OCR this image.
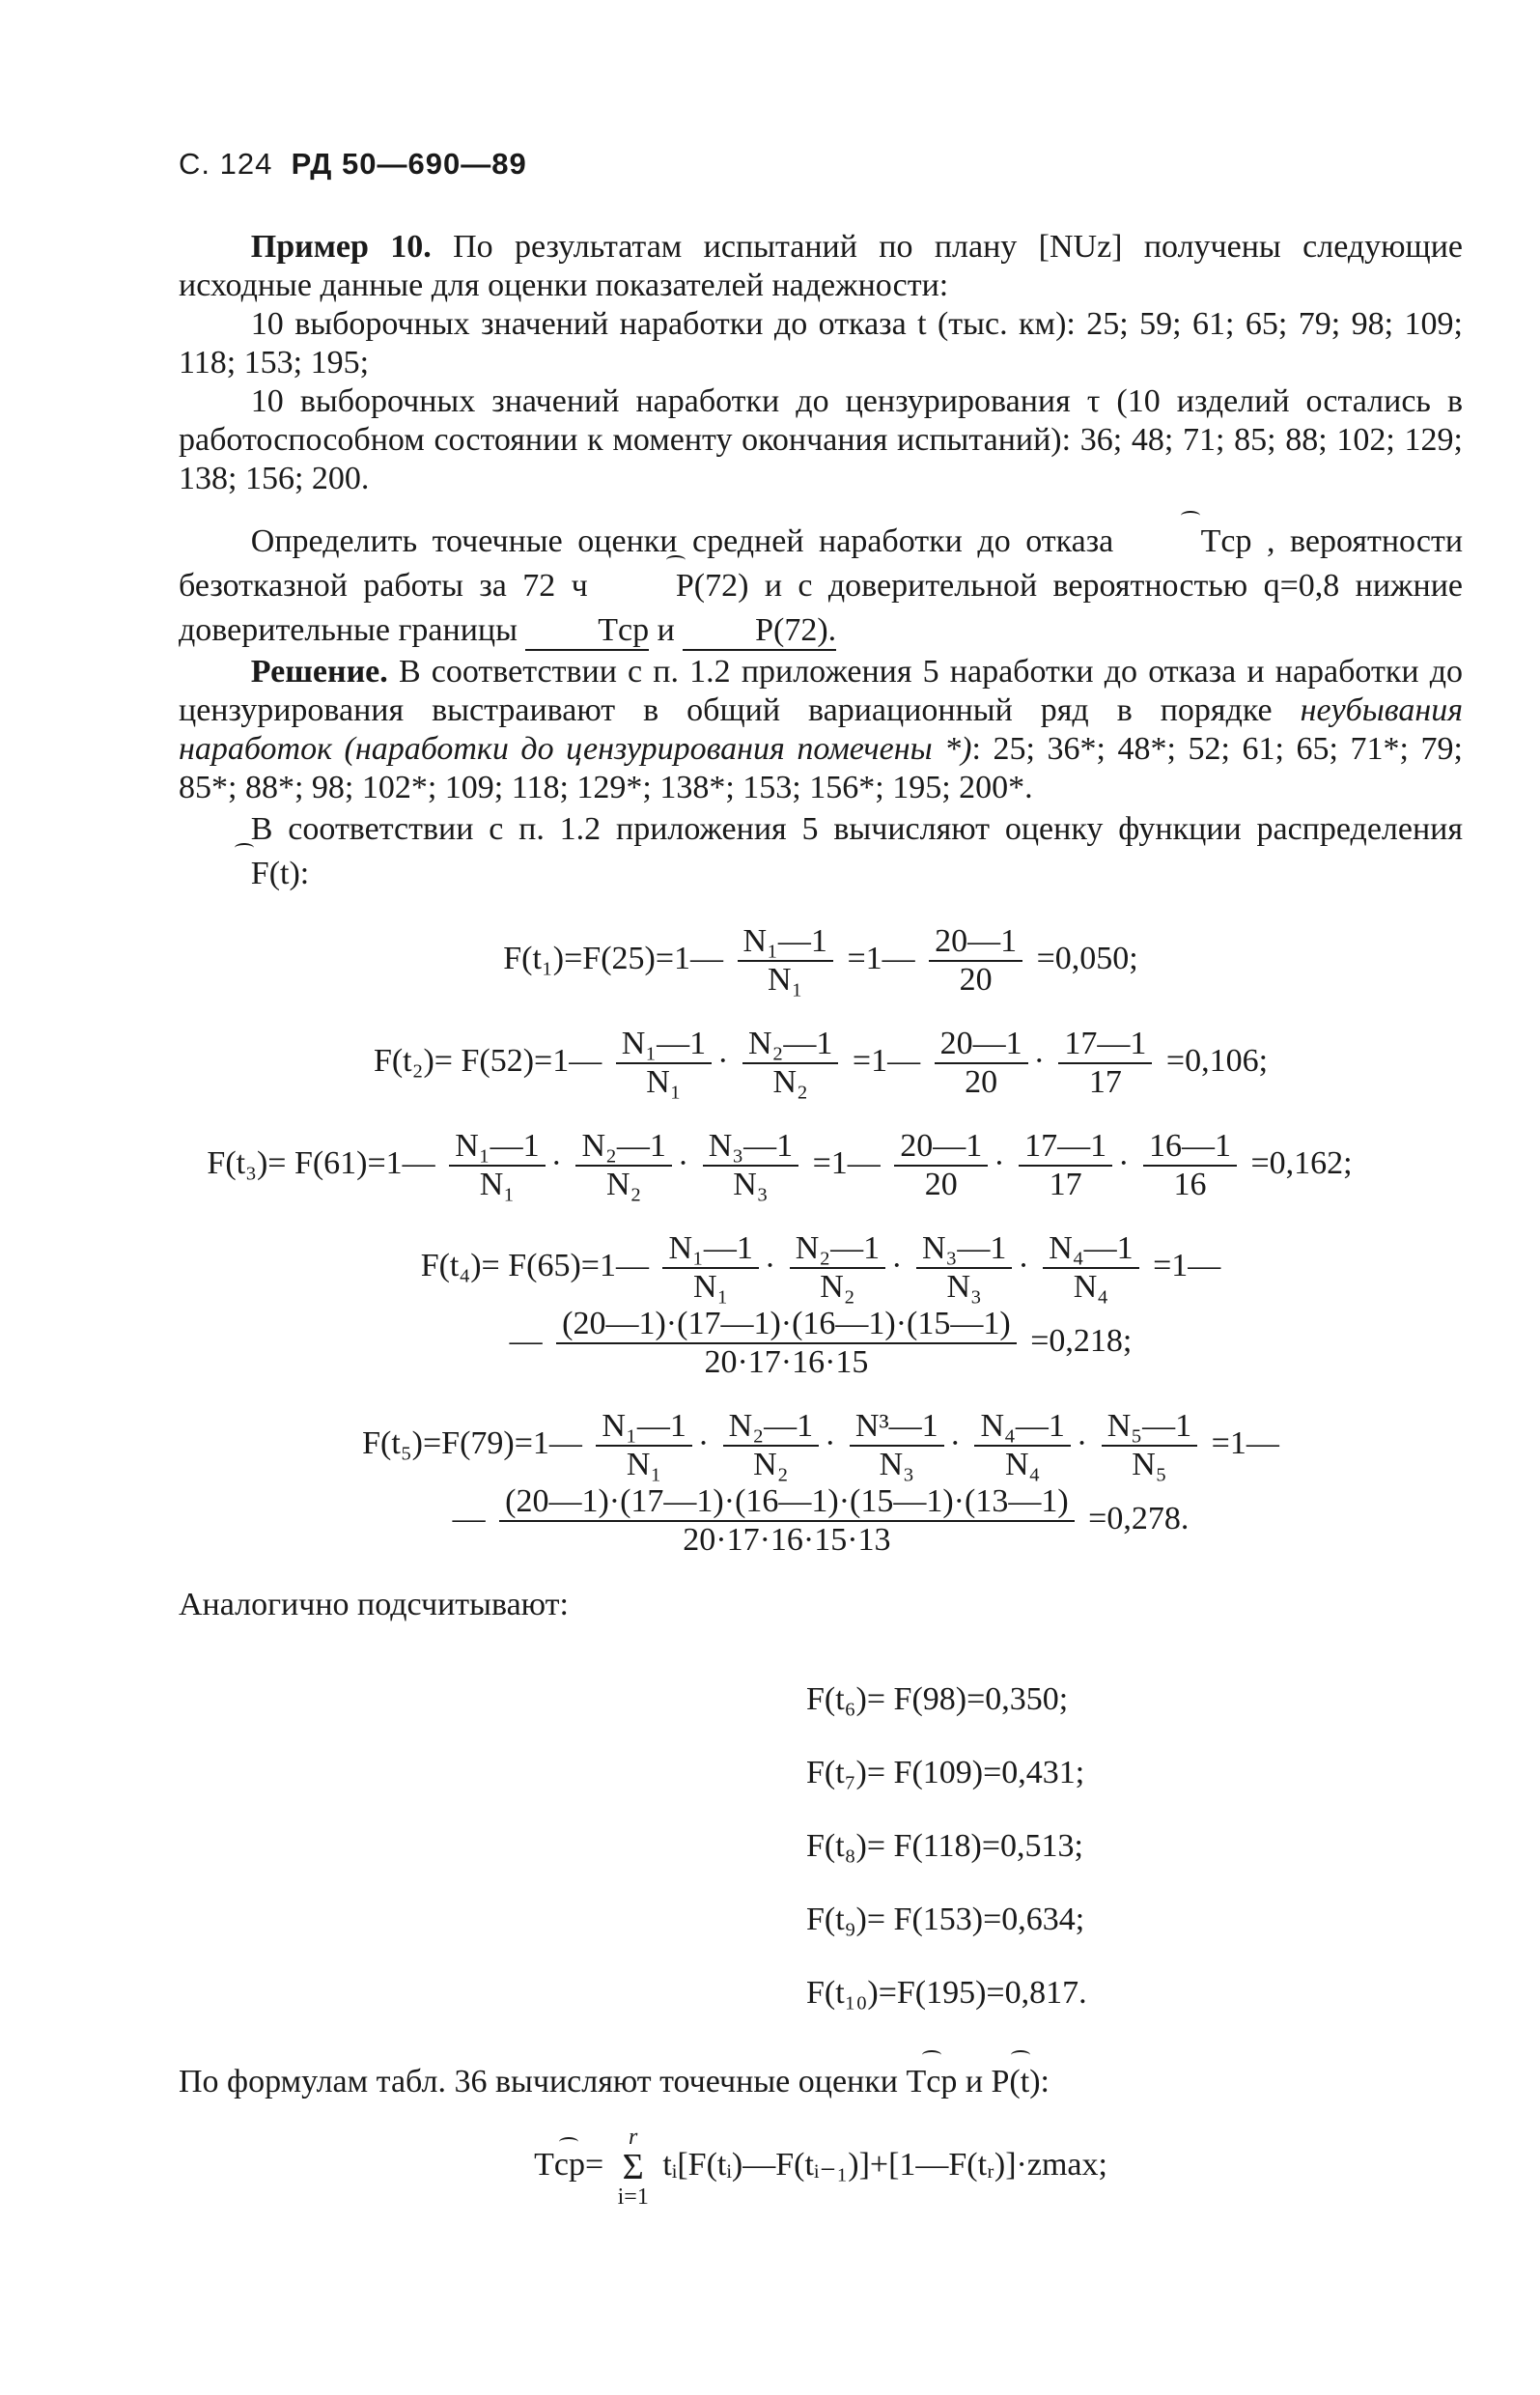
С. 124 РД 50—690—89

Пример 10. По результатам испытаний по плану [NUz] получены следующие исходные данные для оценки показателей надежности:

10 выборочных значений наработки до отказа t (тыс. км): 25; 59; 61; 65; 79; 98; 109; 118; 153; 195;

10 выборочных значений наработки до цензурирования τ (10 изделий остались в работоспособном состоянии к моменту окончания испытаний): 36; 48; 71; 85; 88; 102; 129; 138; 156; 200.

Определить точечные оценки средней наработки до отказа	Tср , вероятности безотказной работы за 72 ч	P(72) и с доверительной вероятностью q=0,8 нижние доверительные границы Tср и P(72).

Решение. В соответствии с п. 1.2 приложения 5 наработки до отказа и наработки до цензурирования выстраивают в общий вариационный ряд в порядке неубывания наработок (наработки до цензурирования помечены *): 25; 36*; 48*; 52; 61; 65; 71*; 79; 85*; 88*; 98; 102*; 109; 118; 129*; 138*; 153; 156*; 195; 200*.

В соответствии с п. 1.2 приложения 5 вычисляют оценку функции распределения F(t):

F(t₁)=F(25)=1— $\frac{\text{N₁—1}}{\text{N₁}}$ =1— $\frac{20—1}{20} =0,050$;
F(t₂)= F(52)=1— $\frac{\text{N₁—1}}{\text{N₁}} \cdot \frac{\text{N₂—1}}{\text{N₂}}$ =1— $\frac{20—1}{20} \cdot \frac{17—1}{17} =0,106$;
F(t₃)= F(61)=1— $\frac{\text{N₁—1}}{\text{N₁}} \cdot \frac{\text{N₂—1}}{\text{N₂}} \cdot \frac{\text{N₃—1}}{\text{N₃}}$ =1— $\frac{20—1}{20} \cdot \frac{17—1}{17} \cdot \frac{16—1}{16} =0,162$;
F(t₄)= F(65)=1— $\frac{\text{N₁—1}}{\text{N₁}} \cdot \frac{\text{N₂—1}}{\text{N₂}} \cdot \frac{\text{N₃—1}}{\text{N₃}} \cdot \frac{\text{N₄—1}}{\text{N₄}}$ =1—
— $\frac{(20—1)\cdot(17—1)\cdot(16—1)\cdot(15—1)}{20\cdot 17\cdot 16\cdot 15} =0,218$;
F(t₅)=F(79)=1— $\frac{\text{N₁—1}}{\text{N₁}} \cdot \frac{\text{N₂—1}}{\text{N₂}} \cdot \frac{\text{N³—1}}{\text{N₃}} \cdot \frac{\text{N₄—1}}{\text{N₄}} \cdot \frac{\text{N₅—1}}{\text{N₅}}$ =1—
— $\frac{(20—1)\cdot(17—1)\cdot(16—1)\cdot(15—1)\cdot(13—1)}{20\cdot 17\cdot 16\cdot 15\cdot 13} =0,278$.

Аналогично подсчитывают:

F(t₆)= F(98)=0,350;
F(t₇)= F(109)=0,431;
F(t₈)= F(118)=0,513;
F(t₉)= F(153)=0,634;
F(t₁₀)=F(195)=0,817.

По формулам табл. 36 вычисляют точечные оценки Tср и P(t):

Tср=
r
Σ
i=1
tᵢ[F(tᵢ)—F(tᵢ₋₁)]+[1—F(tᵣ)]·zmax;
